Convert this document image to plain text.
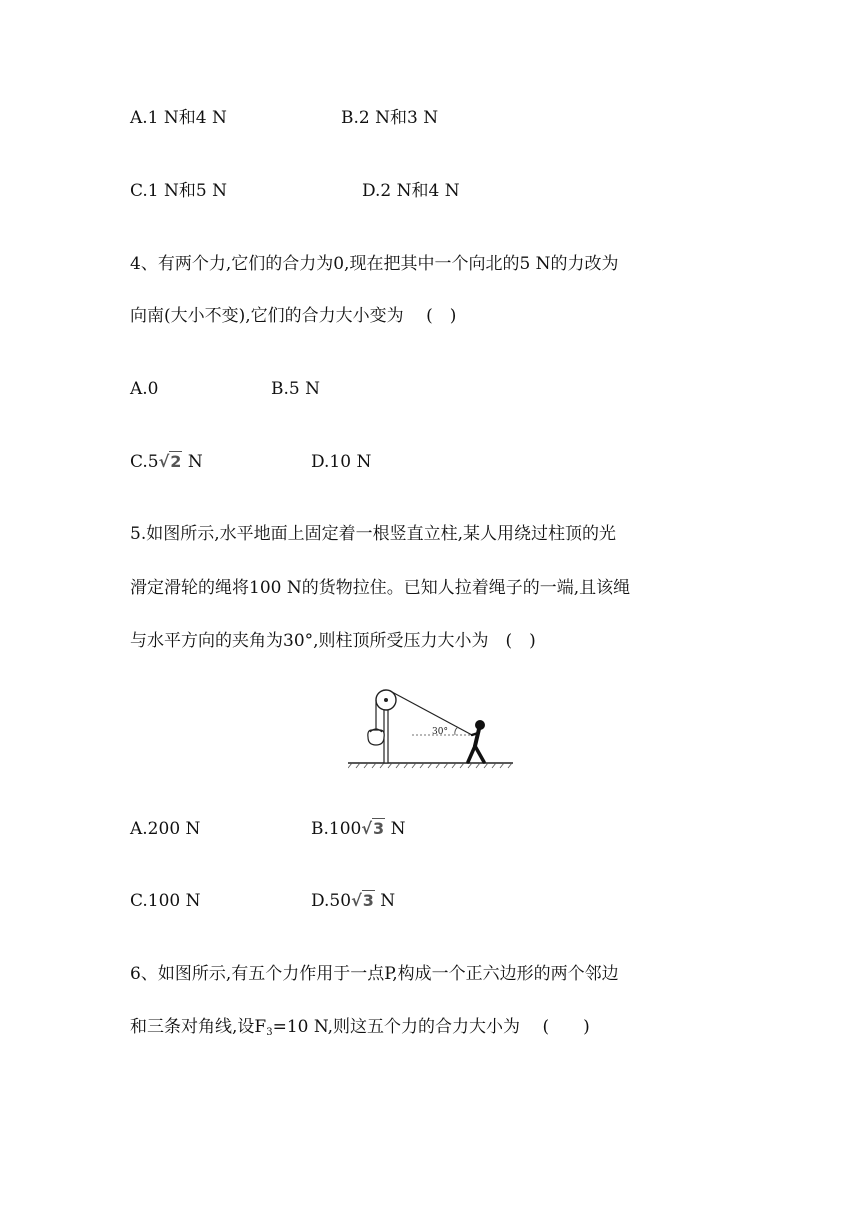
A.1 N和4 N	B.2 N和3 N
C.1 N和5 N	D.2 N和4 N
4、有两个力,它们的合力为0,现在把其中一个向北的5 N的力改为
向南(大小不变),它们的合力大小变为　 (　)
A.0	B.5 N
C.5√2 N	D.10 N
5.如图所示,水平地面上固定着一根竖直立柱,某人用绕过柱顶的光
滑定滑轮的绳将100 N的货物拉住。已知人拉着绳子的一端,且该绳
与水平方向的夹角为30°,则柱顶所受压力大小为　(　)
30°
A.200 N	B.100√3 N
C.100 N	D.50√3 N
6、如图所示,有五个力作用于一点P,构成一个正六边形的两个邻边
和三条对角线,设$F_3=10$ N,则这五个力的合力大小为　 (　　)
